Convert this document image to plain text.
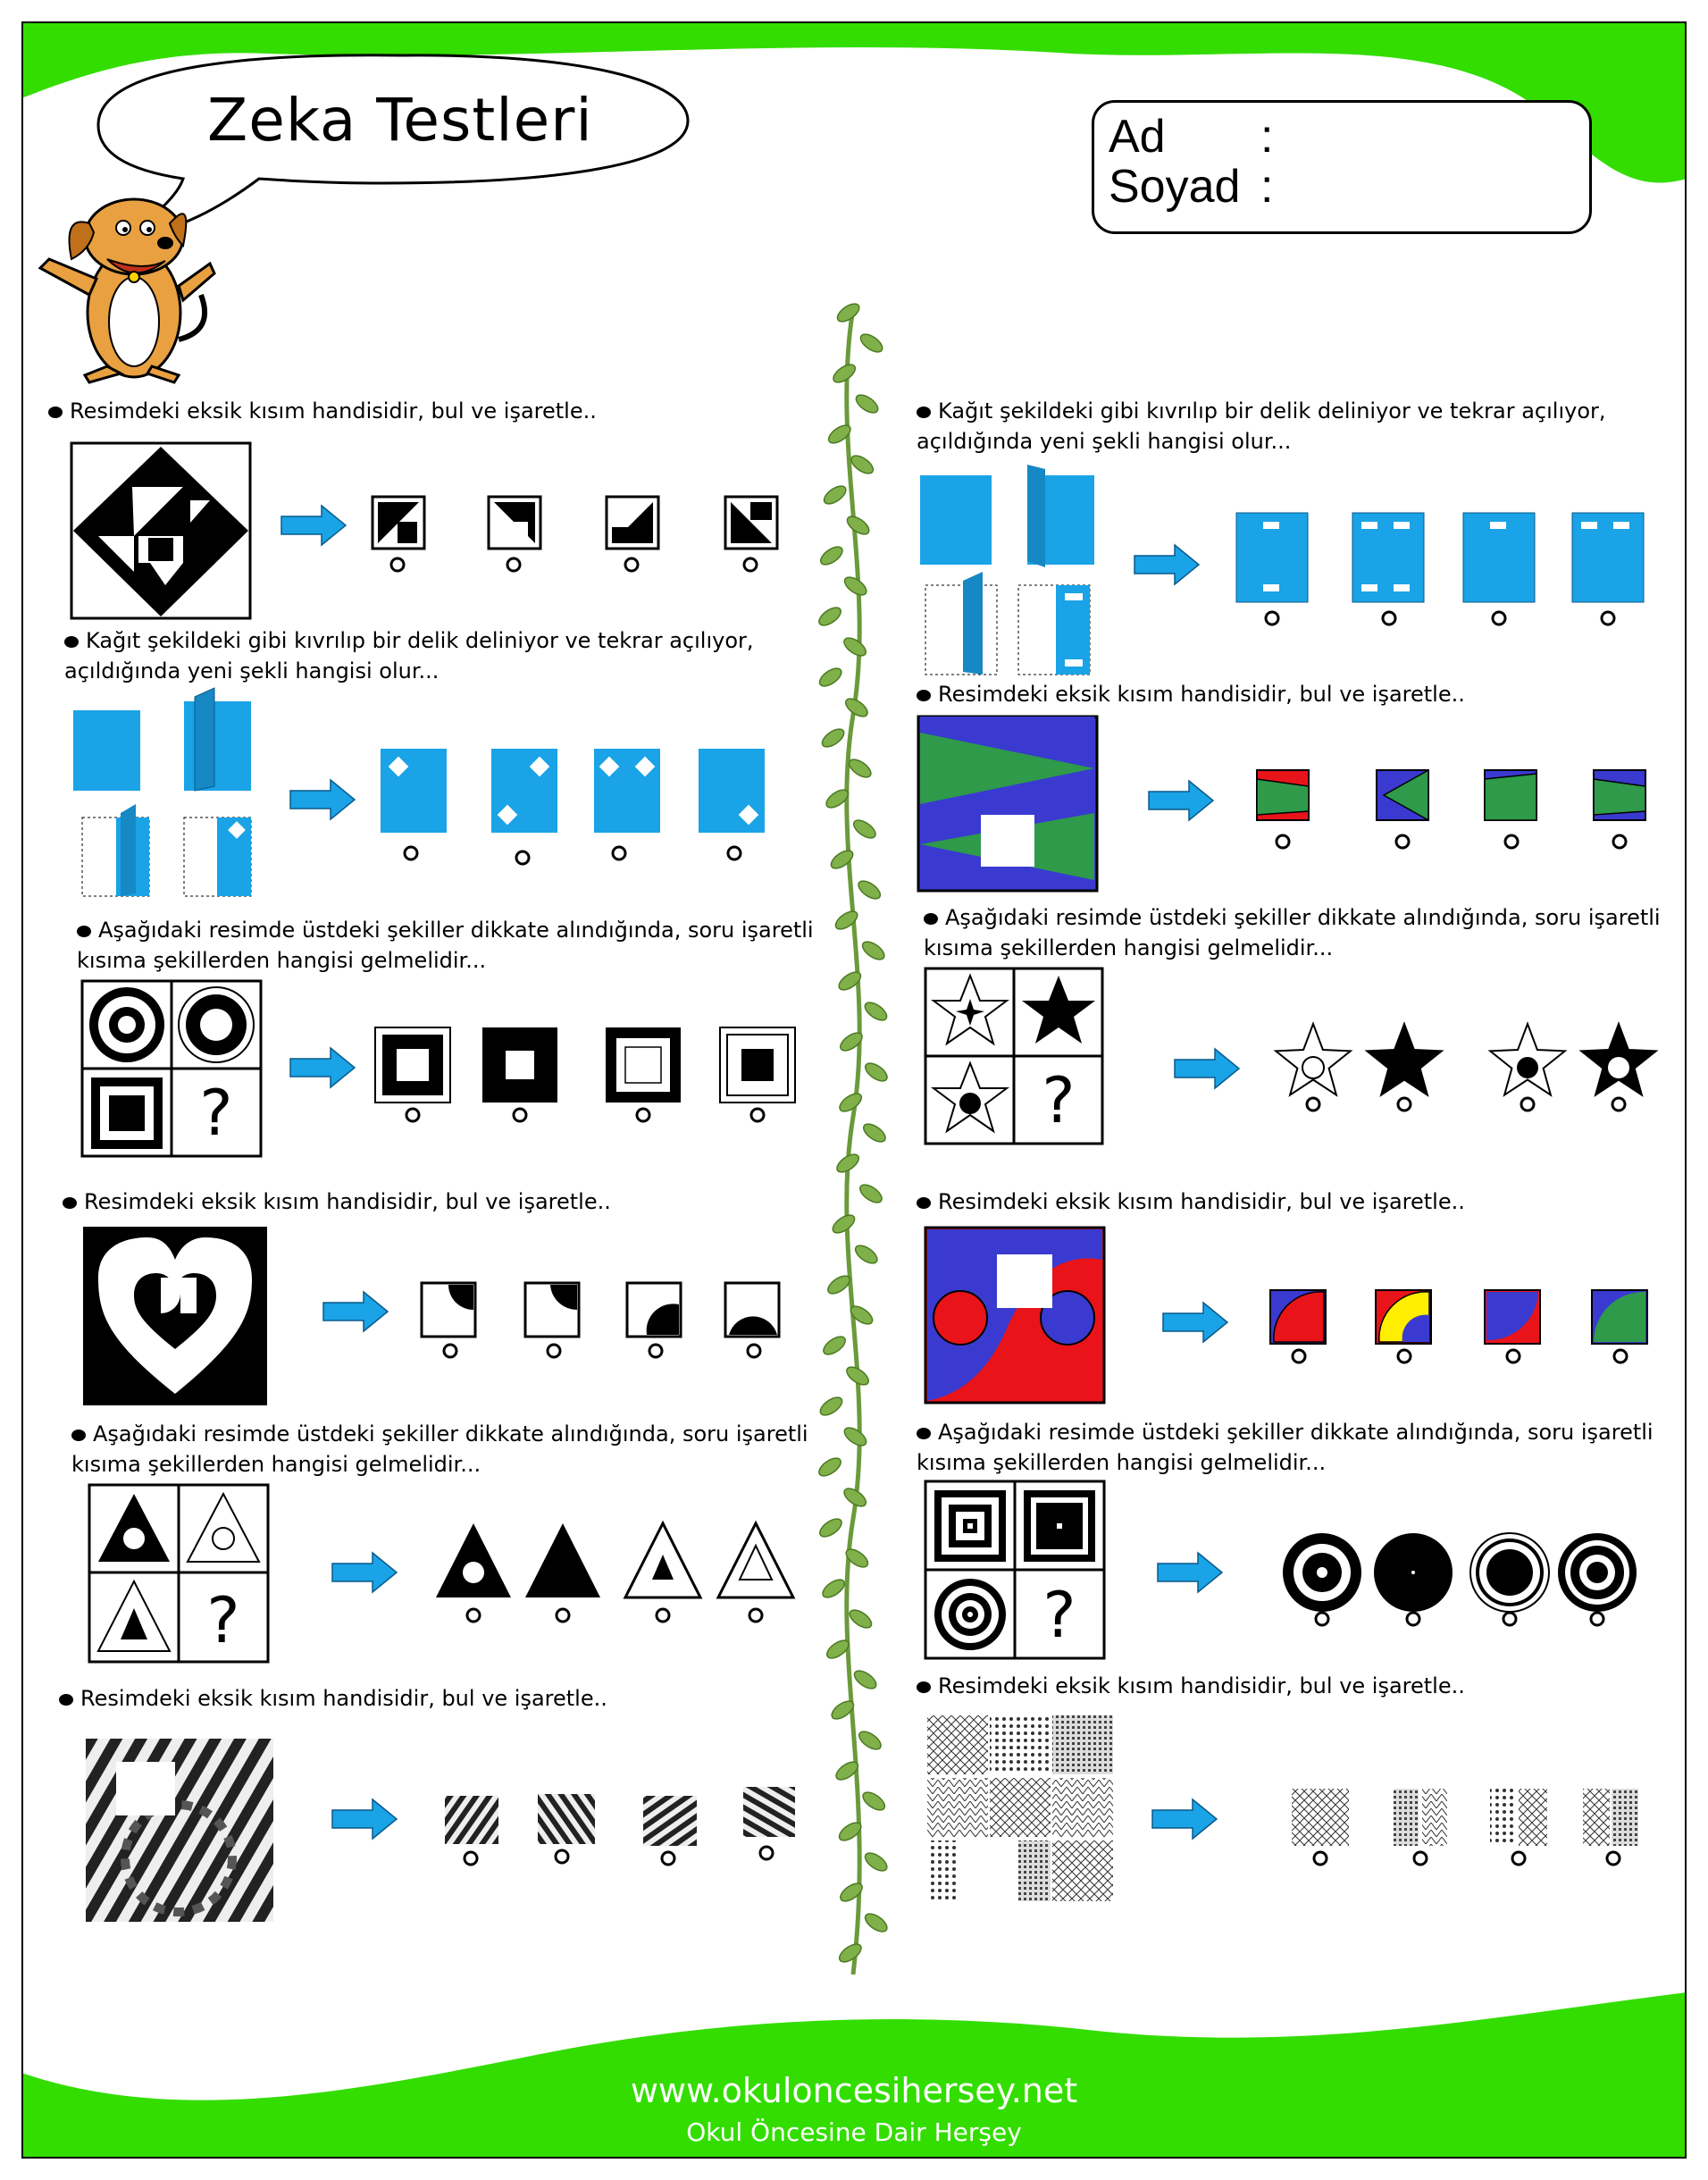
Zeka Testleri	Ad :
Soyad :
Resimdeki eksik kısım handisidir, bul ve işaretle..
Kağıt şekildeki gibi kıvrılıp bir delik deliniyor ve tekrar açılıyor,
açıldığında yeni şekli hangisi olur...
Aşağıdaki resimde üstdeki şekiller dikkate alındığında, soru işaretli
kısıma şekillerden hangisi gelmelidir...
?
Resimdeki eksik kısım handisidir, bul ve işaretle..
Aşağıdaki resimde üstdeki şekiller dikkate alındığında, soru işaretli
kısıma şekillerden hangisi gelmelidir...
?
Resimdeki eksik kısım handisidir, bul ve işaretle..
Kağıt şekildeki gibi kıvrılıp bir delik deliniyor ve tekrar açılıyor,
açıldığında yeni şekli hangisi olur...
Resimdeki eksik kısım handisidir, bul ve işaretle..
Aşağıdaki resimde üstdeki şekiller dikkate alındığında, soru işaretli
kısıma şekillerden hangisi gelmelidir...
?
Resimdeki eksik kısım handisidir, bul ve işaretle..
Aşağıdaki resimde üstdeki şekiller dikkate alındığında, soru işaretli
kısıma şekillerden hangisi gelmelidir...
?
Resimdeki eksik kısım handisidir, bul ve işaretle..
www.okuloncesihersey.net
Okul Öncesine Dair Herşey
